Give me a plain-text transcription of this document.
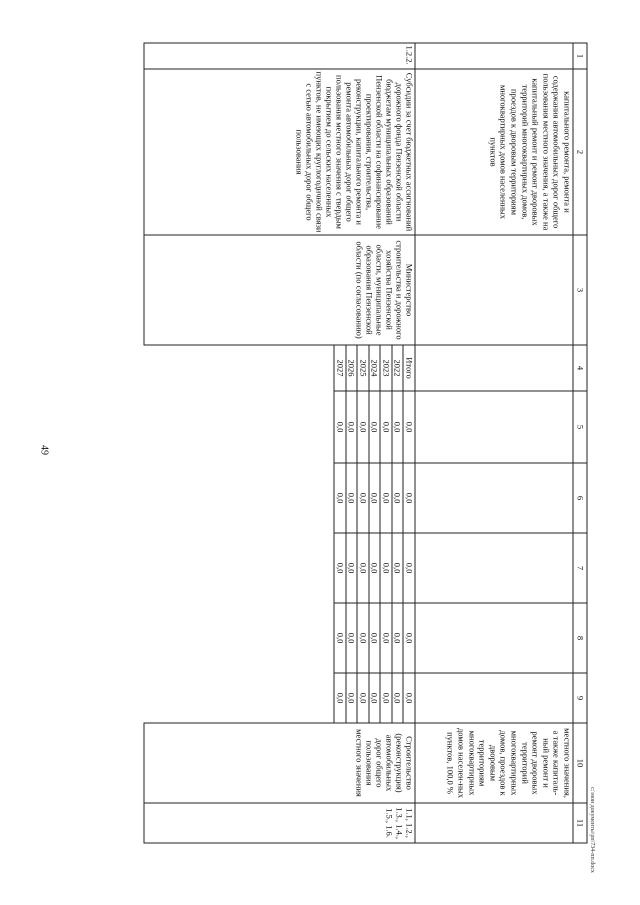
49
1	2	3	4	5	6	7	8	9	10	11
	капитального ремонта, ремонта и содержания автомобильных дорог общего пользования местного значения, а также на капитальный ремонт и ремонт дворовых территорий многоквартирных домов, проездов к дворовым территориям многоквартирных домов населенных пунктов								местного значения, а также капиталь-ный ремонт и ремонт дворовых территорий многоквартирных домов, проездов к дворовым территориям многоквартирных домов населен-ных пунктов, 100,0 %	
1.2.2.	Субсидии за счет бюджетных ассигнований дорожного фонда Пензенской области бюджетам муниципальных образований Пензенской области на софинансирование проектирования, строительства, реконструкции, капитального ремонта и ремонта автомобильных дорог общего пользования местного значения с твердым покрытием до сельских населенных пунктов, не имеющих круглогодичной связи с сетью автомобильных дорог общего пользования	Министерство строительства и дорожного хозяйства Пензенской области, муниципальные образования Пензенской области (по согласованию)	Итого	0,0	0,0	0,0	0,0	0,0	Строительство (реконструкция) автомобильных дорог общего пользования местного значения	1.1, 1.2., 1.3., 1.4., 1.5., 1.6.
			2022	0,0	0,0	0,0	0,0	0,0		
			2023	0,0	0,0	0,0	0,0	0,0		
			2024	0,0	0,0	0,0	0,0	0,0		
			2025	0,0	0,0	0,0	0,0	0,0		
			2026	0,0	0,0	0,0	0,0	0,0		
			2027	0,0	0,0	0,0	0,0	0,0		

c:\мои документы\рп\734-пп.docx
